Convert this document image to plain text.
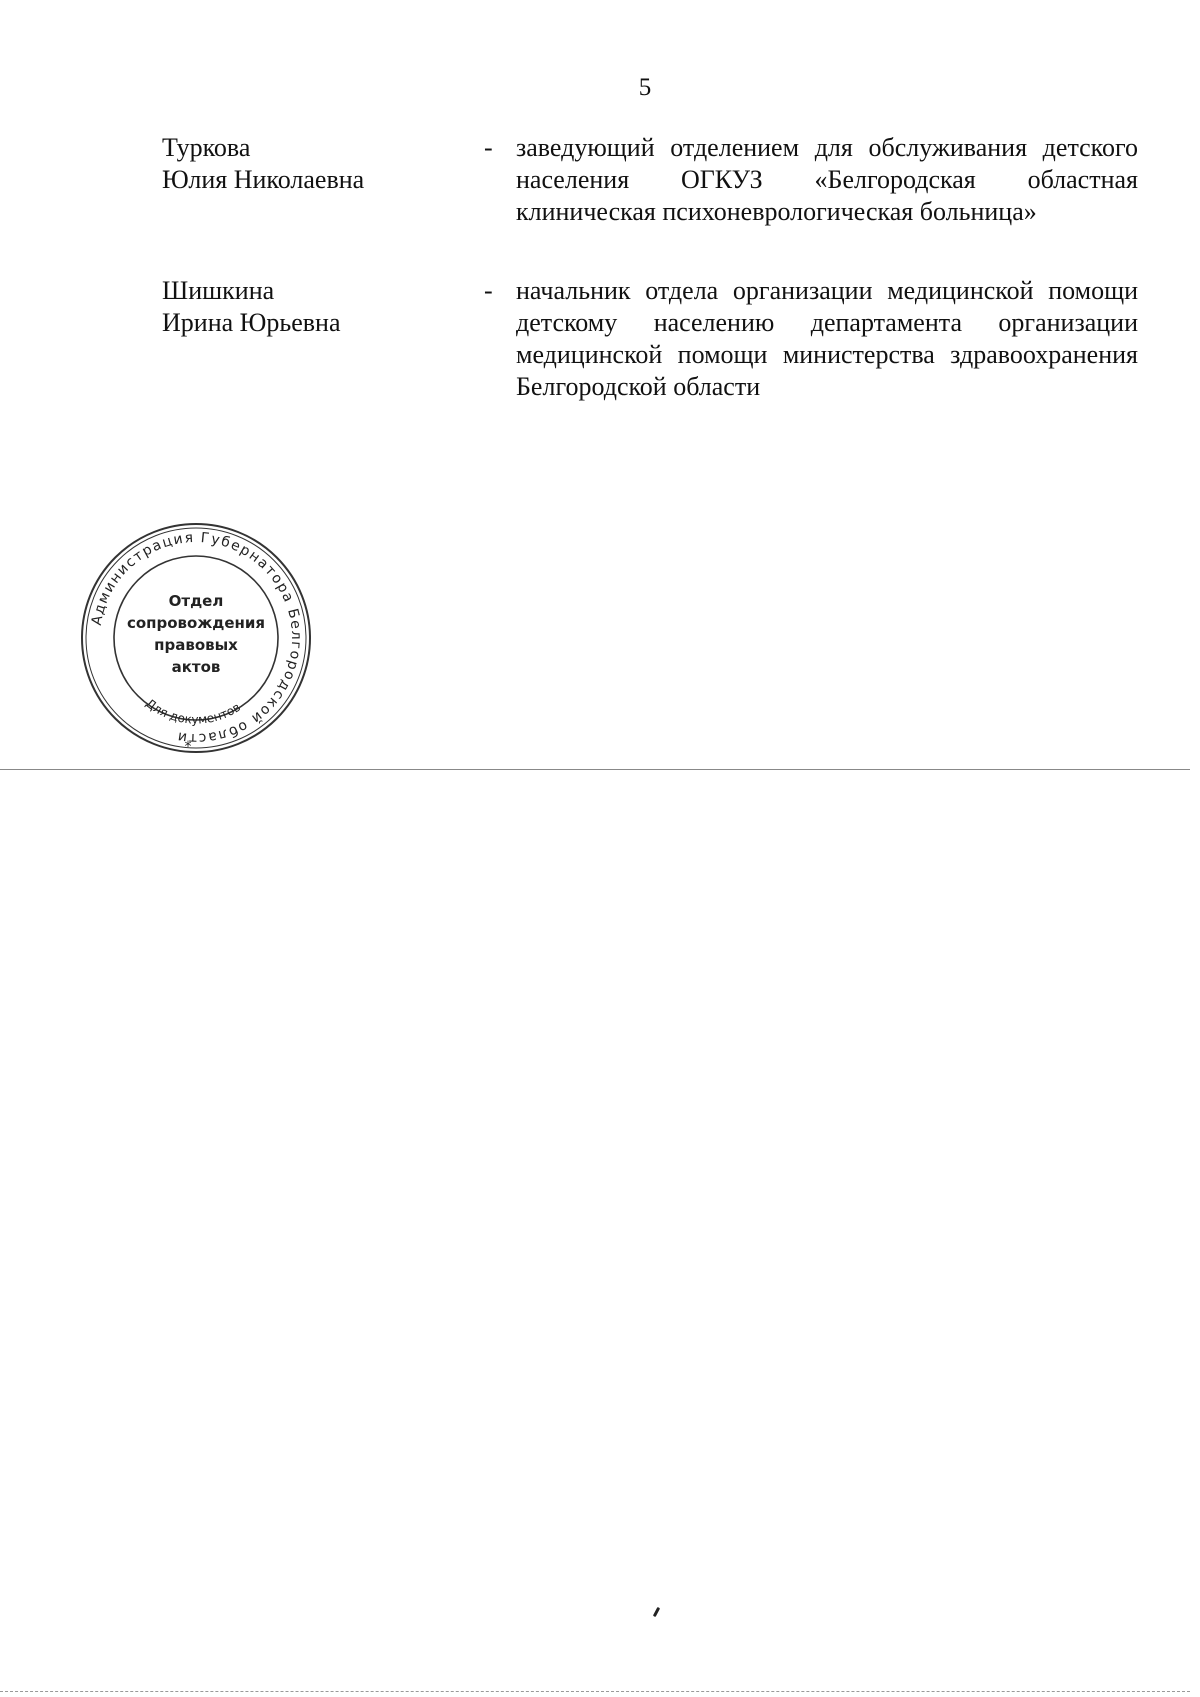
5
Туркова
Юлия Николаевна
- заведующий отделением для обслуживания детского населения ОГКУЗ «Белгородская областная клиническая психоневрологическая больница»
Шишкина
Ирина Юрьевна
- начальник отдела организации медицинской помощи детскому населению департамента организации медицинской помощи министерства здравоохранения Белгородской области
Администрация Губернатора Белгородской области
Для документов
Отдел
сопровождения
правовых
актов
*
